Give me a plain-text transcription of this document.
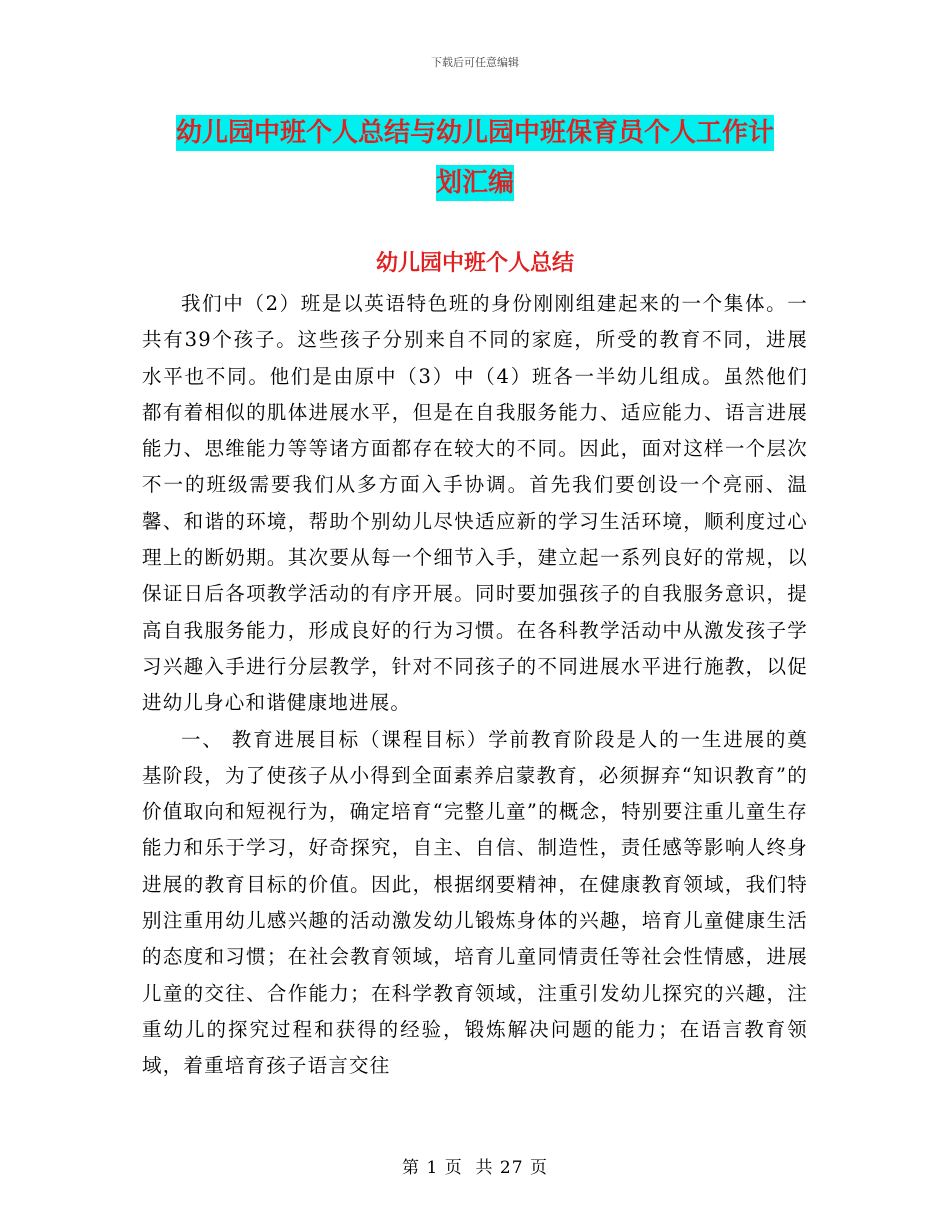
下载后可任意编辑
幼儿园中班个人总结与幼儿园中班保育员个人工作计
划汇编
幼儿园中班个人总结

我们中（2）班是以英语特色班的身份刚刚组建起来的一个集体。一共有39个孩子。这些孩子分别来自不同的家庭，所受的教育不同，进展水平也不同。他们是由原中（3）中（4）班各一半幼儿组成。虽然他们都有着相似的肌体进展水平，但是在自我服务能力、适应能力、语言进展能力、思维能力等等诸方面都存在较大的不同。因此，面对这样一个层次不一的班级需要我们从多方面入手协调。首先我们要创设一个亮丽、温馨、和谐的环境，帮助个别幼儿尽快适应新的学习生活环境，顺利度过心理上的断奶期。其次要从每一个细节入手，建立起一系列良好的常规，以保证日后各项教学活动的有序开展。同时要加强孩子的自我服务意识，提高自我服务能力，形成良好的行为习惯。在各科教学活动中从激发孩子学习兴趣入手进行分层教学，针对不同孩子的不同进展水平进行施教，以促进幼儿身心和谐健康地进展。

一、 教育进展目标（课程目标）学前教育阶段是人的一生进展的奠基阶段，为了使孩子从小得到全面素养启蒙教育，必须摒弃“知识教育”的价值取向和短视行为，确定培育“完整儿童”的概念，特别要注重儿童生存能力和乐于学习，好奇探究，自主、自信、制造性，责任感等影响人终身进展的教育目标的价值。因此，根据纲要精神，在健康教育领域，我们特别注重用幼儿感兴趣的活动激发幼儿锻炼身体的兴趣，培育儿童健康生活的态度和习惯；在社会教育领域，培育儿童同情责任等社会性情感，进展儿童的交往、合作能力；在科学教育领域，注重引发幼儿探究的兴趣，注重幼儿的探究过程和获得的经验，锻炼解决问题的能力；在语言教育领域，着重培育孩子语言交往

第 1 页  共 27 页
